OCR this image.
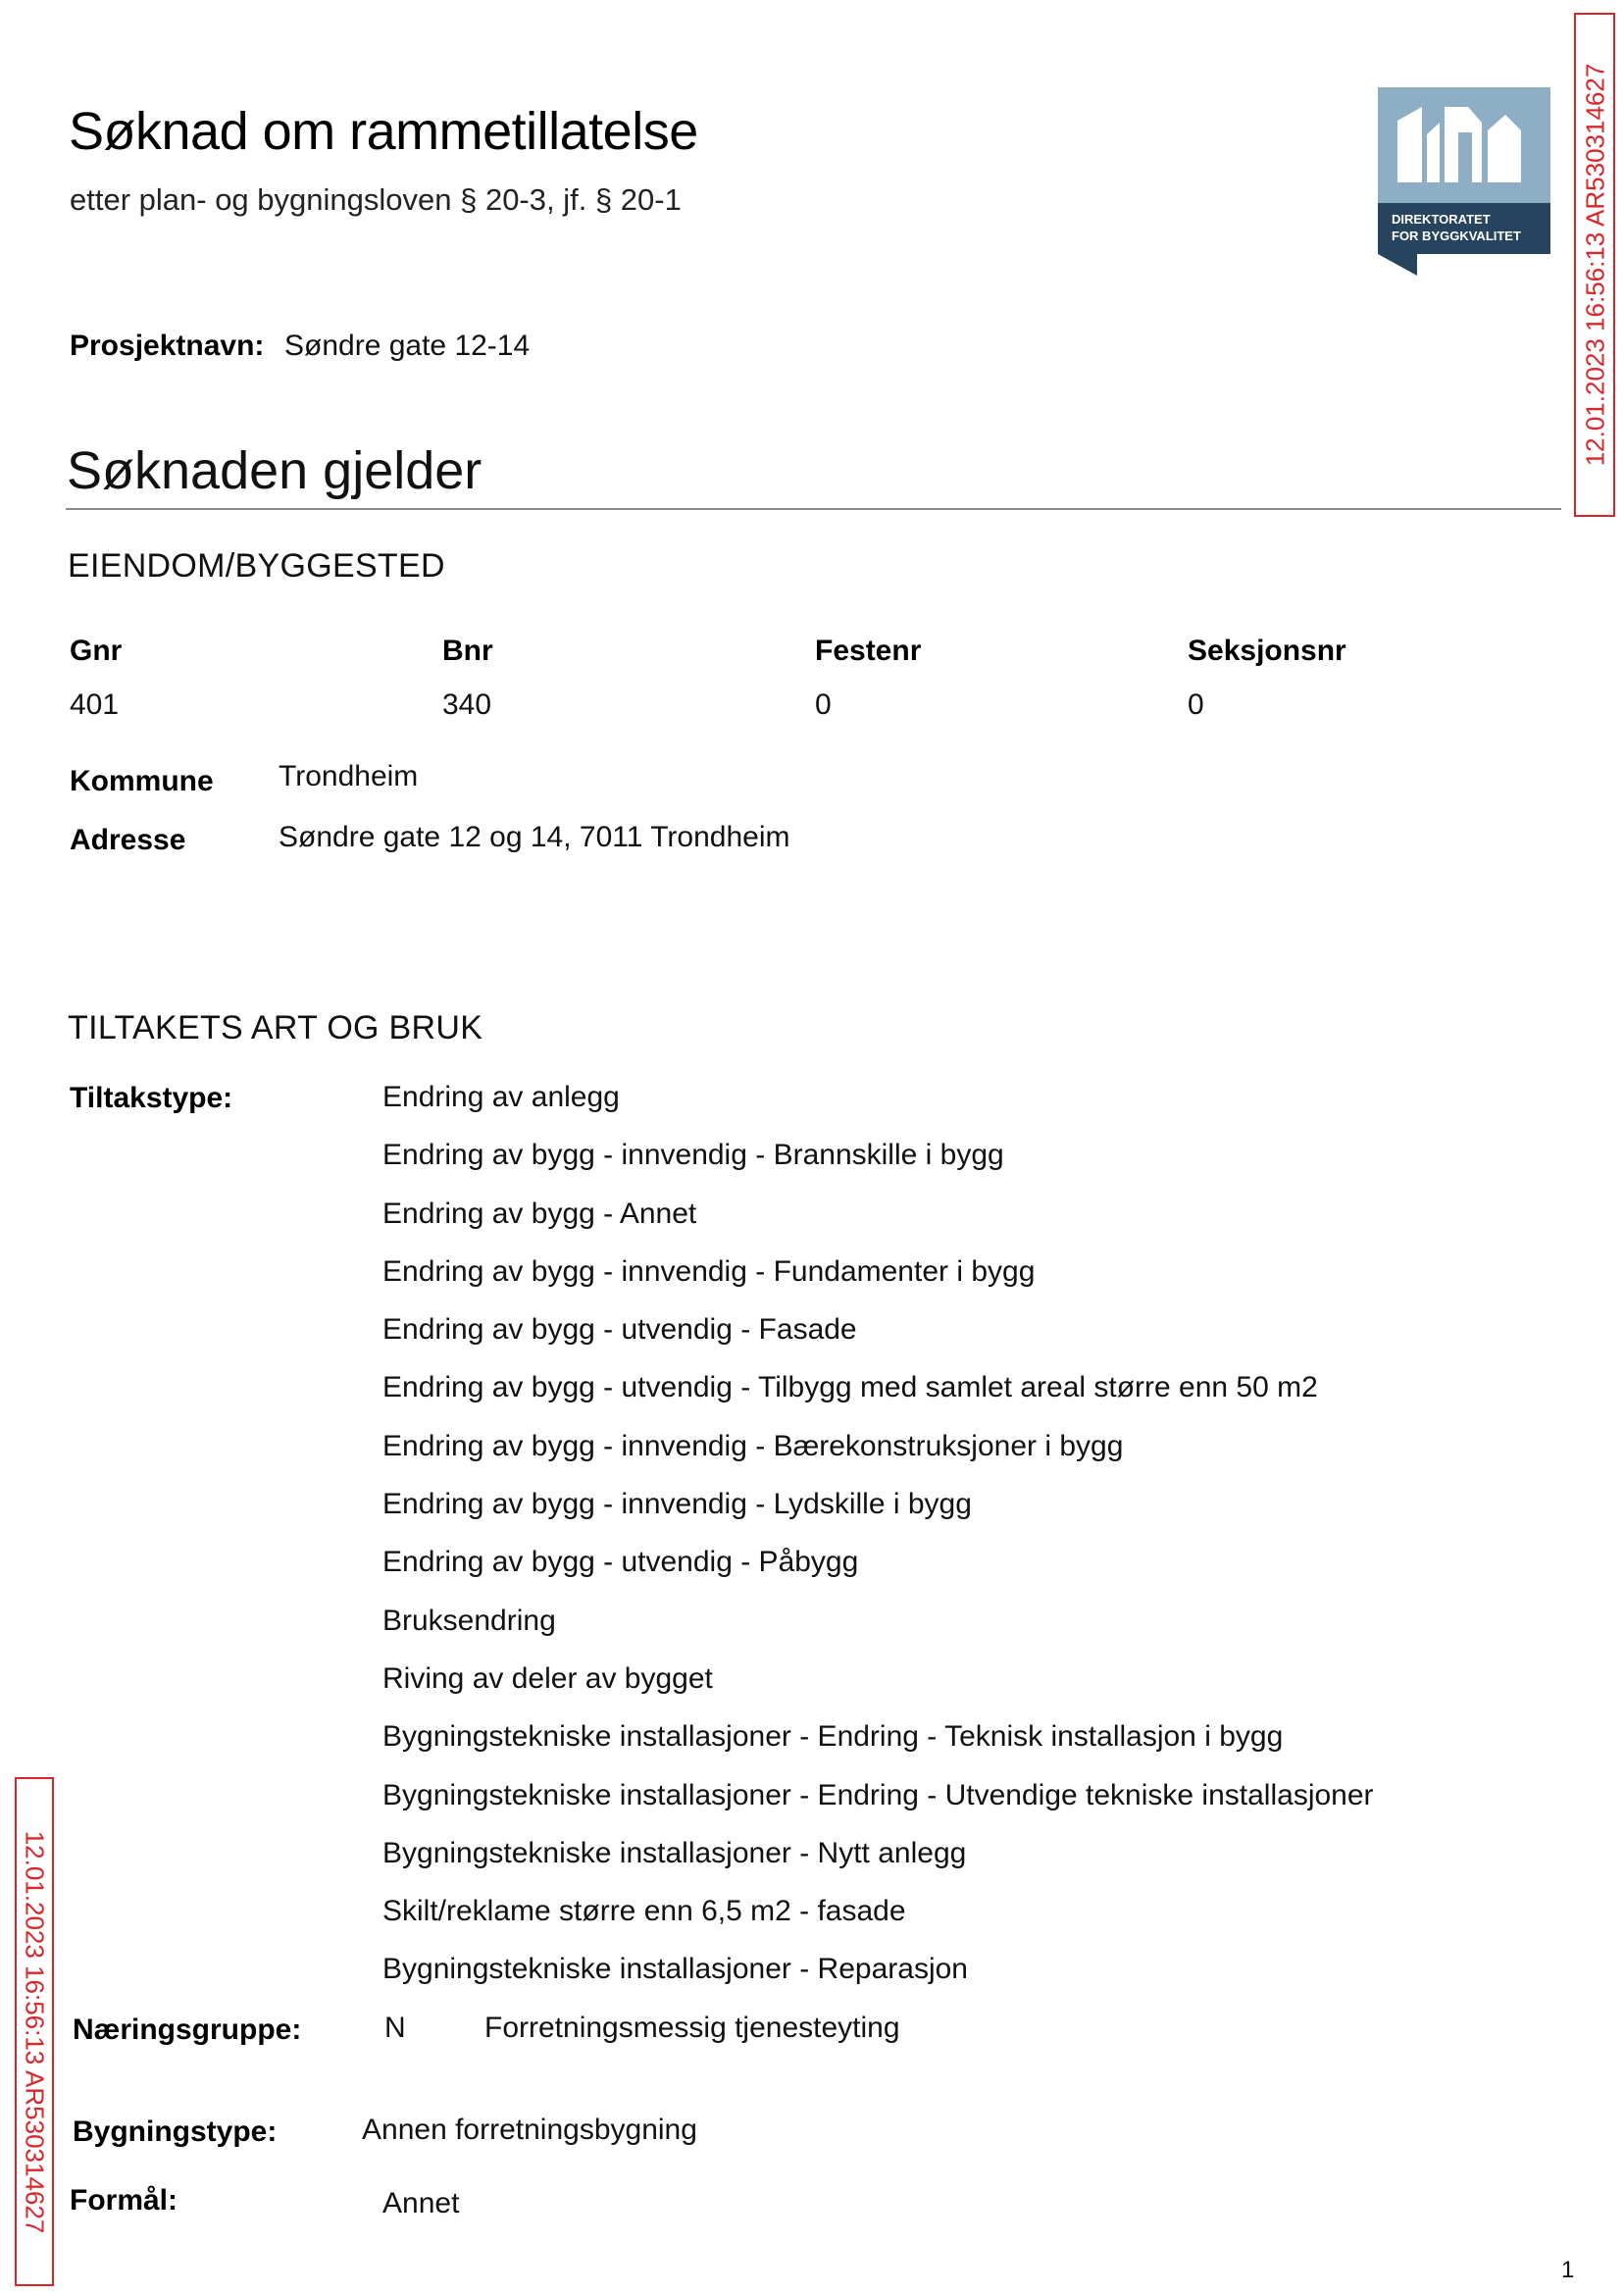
Søknad om rammetillatelse
etter plan- og bygningsloven § 20-3, jf. § 20-1
DIREKTORATET
FOR BYGGKVALITET 12.01.2023 16:56:13 AR530314627
12.01.2023 16:56:13 AR530314627
Prosjektnavn: Søndre gate 12-14
Søknaden gjelder
EIENDOM/BYGGESTED
Gnr	Bnr	Festenr	Seksjonsnr
401	340	0	0
Kommune Trondheim
Adresse	Søndre gate 12 og 14, 7011 Trondheim
TILTAKETS ART OG BRUK
Tiltakstype:	Endring av anlegg
Endring av bygg - innvendig - Brannskille i bygg
Endring av bygg - Annet
Endring av bygg - innvendig - Fundamenter i bygg
Endring av bygg - utvendig - Fasade
Endring av bygg - utvendig - Tilbygg med samlet areal større enn 50 m2
Endring av bygg - innvendig - Bærekonstruksjoner i bygg
Endring av bygg - innvendig - Lydskille i bygg
Endring av bygg - utvendig - Påbygg
Bruksendring
Riving av deler av bygget
Bygningstekniske installasjoner - Endring - Teknisk installasjon i bygg
Bygningstekniske installasjoner - Endring - Utvendige tekniske installasjoner
Bygningstekniske installasjoner - Nytt anlegg
Skilt/reklame større enn 6,5 m2 - fasade
Bygningstekniske installasjoner - Reparasjon
Næringsgruppe:	N	Forretningsmessig tjenesteyting
Bygningstype:	Annen forretningsbygning
Formål:	Annet
1
